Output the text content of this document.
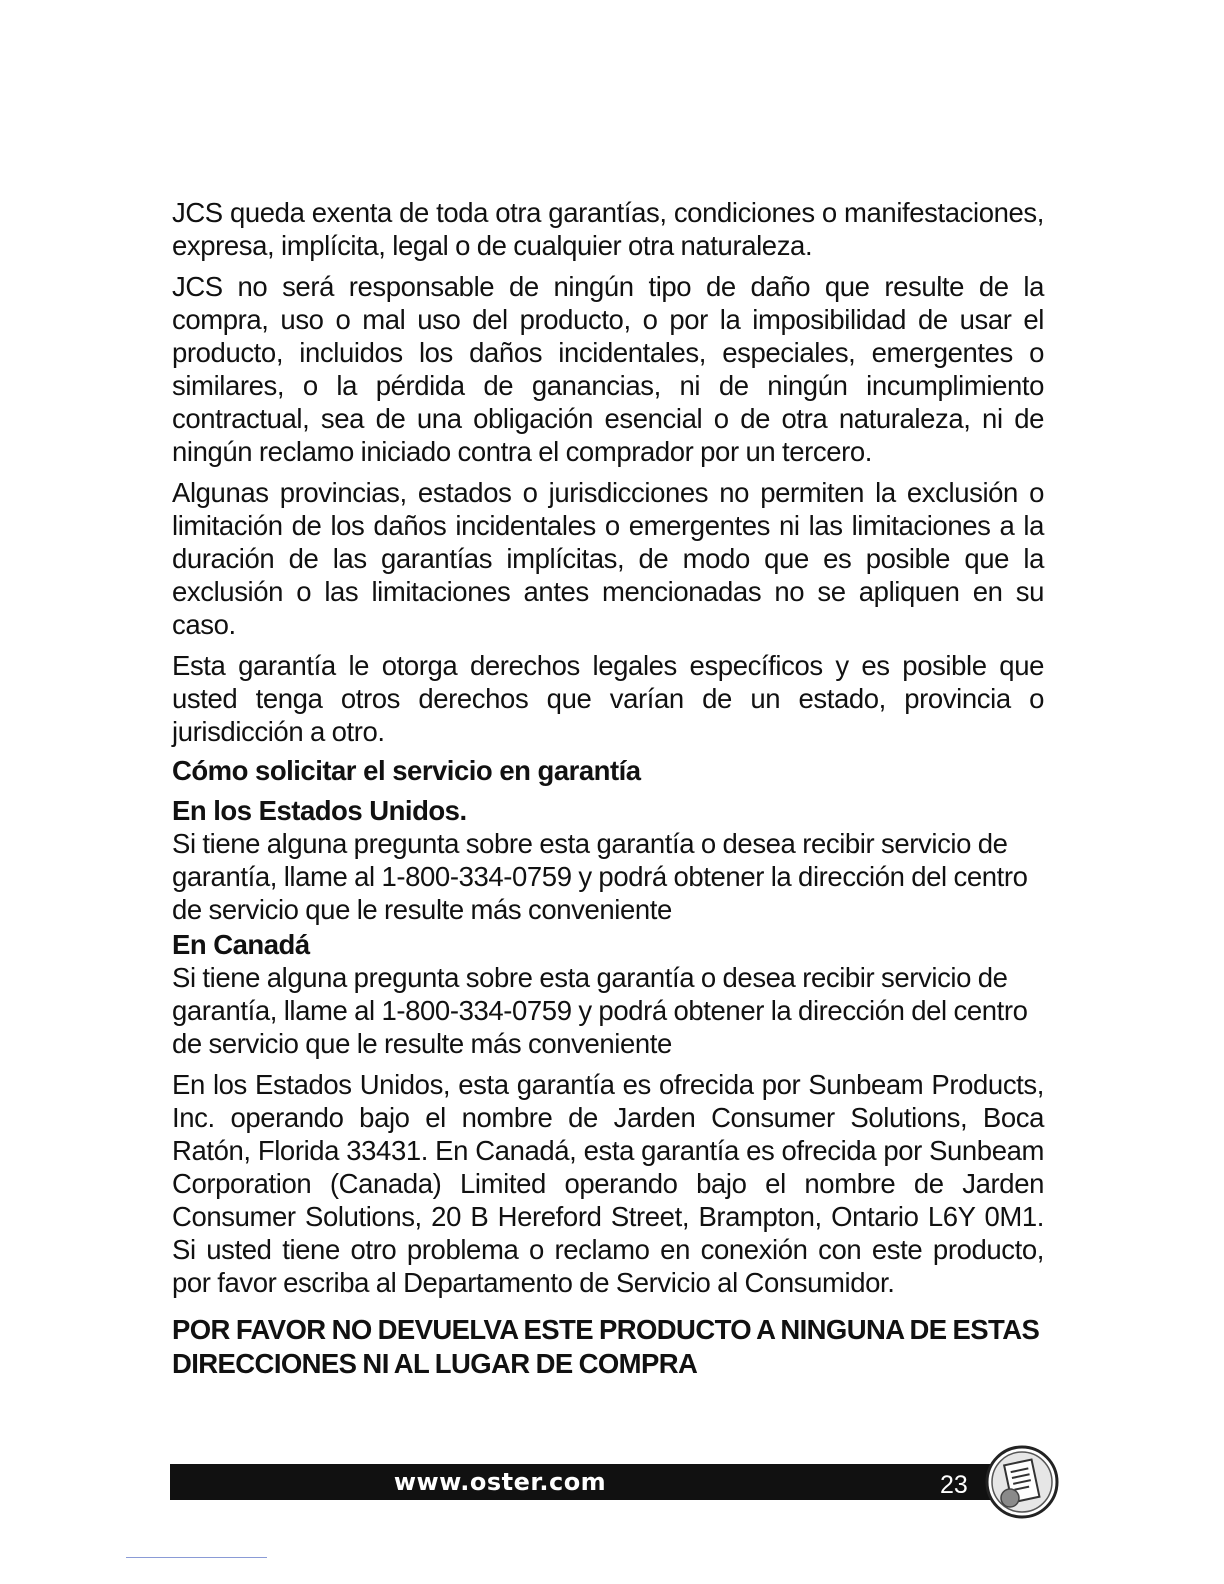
JCS queda exenta de toda otra garantías, condiciones o manifestaciones, expresa, implícita, legal o de cualquier otra naturaleza.

JCS no será responsable de ningún tipo de daño que resulte de la compra, uso o mal uso del producto, o por la imposibilidad de usar el producto, incluidos los daños incidentales, especiales, emergentes o similares, o la pérdida de ganancias, ni de ningún incumplimiento contractual, sea de una obligación esencial o de otra naturaleza, ni de ningún reclamo iniciado contra el comprador por un tercero.

Algunas provincias, estados o jurisdicciones no permiten la exclusión o limitación de los daños incidentales o emergentes ni las limitaciones a la duración de las garantías implícitas, de modo que es posible que la exclusión o las limitaciones antes mencionadas no se apliquen en su caso.

Esta garantía le otorga derechos legales específicos y es posible que usted tenga otros derechos que varían de un estado, provincia o jurisdicción a otro.

Cómo solicitar el servicio en garantía
En los Estados Unidos.

Si tiene alguna pregunta sobre esta garantía o desea recibir servicio de garantía, llame al 1-800-334-0759 y podrá obtener la dirección del centro de servicio que le resulte más conveniente

En Canadá

Si tiene alguna pregunta sobre esta garantía o desea recibir servicio de garantía, llame al 1-800-334-0759 y podrá obtener la dirección del centro de servicio que le resulte más conveniente

En los Estados Unidos, esta garantía es ofrecida por Sunbeam Products, Inc. operando bajo el nombre de Jarden Consumer Solutions, Boca Ratón, Florida 33431. En Canadá, esta garantía es ofrecida por Sunbeam Corporation (Canada) Limited operando bajo el nombre de Jarden Consumer Solutions, 20 B Hereford Street, Brampton, Ontario L6Y 0M1. Si usted tiene otro problema o reclamo en conexión con este producto, por favor escriba al Departamento de Servicio al Consumidor.

POR FAVOR NO DEVUELVA ESTE PRODUCTO A NINGUNA DE ESTAS DIRECCIONES NI AL LUGAR DE COMPRA

www.oster.com	23
